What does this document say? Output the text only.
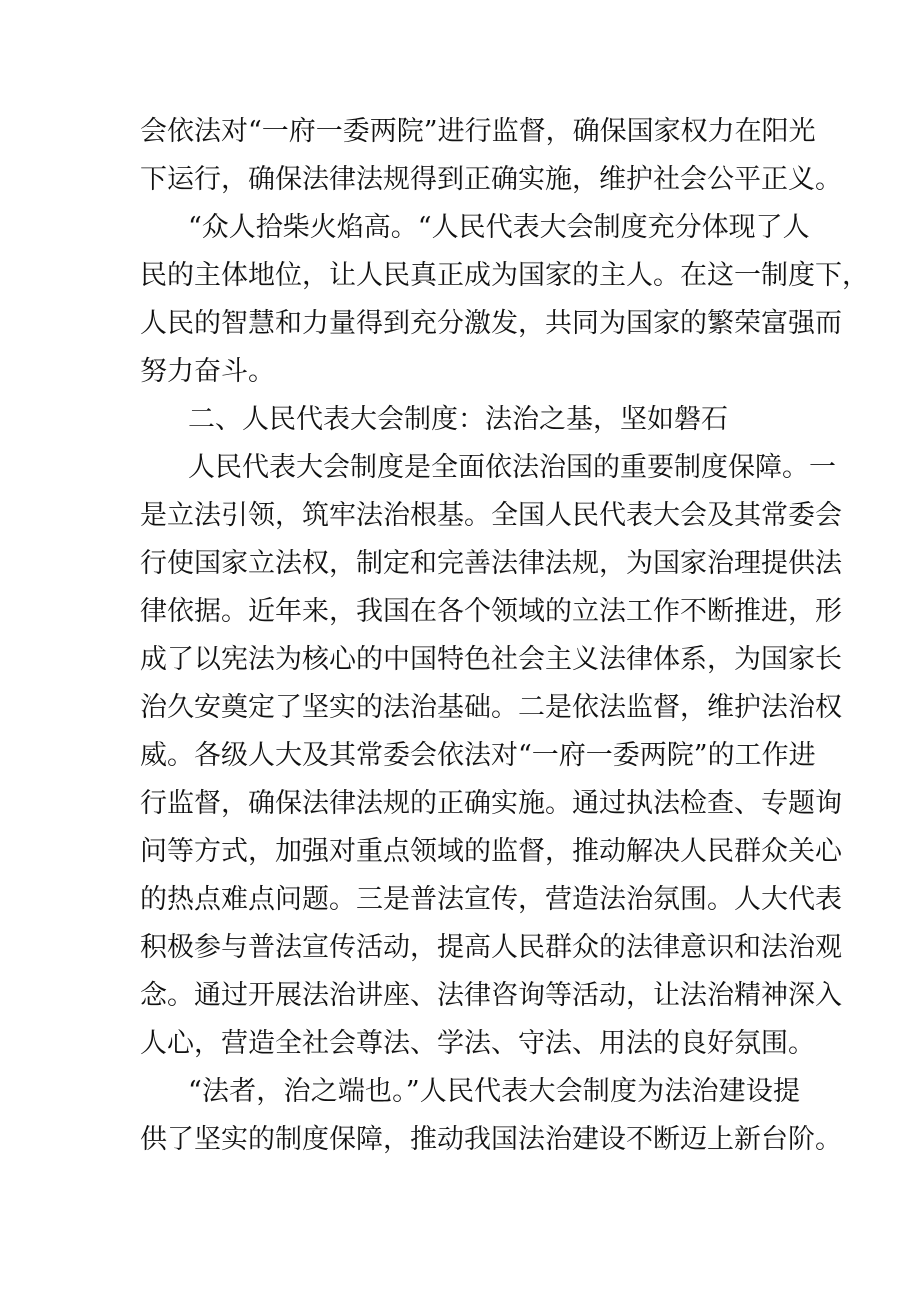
会依法对“一府一委两院”进行监督，确保国家权力在阳光
下运行，确保法律法规得到正确实施，维护社会公平正义。
“众人拾柴火焰高。“人民代表大会制度充分体现了人
民的主体地位，让人民真正成为国家的主人。在这一制度下，
人民的智慧和力量得到充分激发，共同为国家的繁荣富强而
努力奋斗。
二、人民代表大会制度：法治之基，坚如磐石
人民代表大会制度是全面依法治国的重要制度保障。一
是立法引领，筑牢法治根基。全国人民代表大会及其常委会
行使国家立法权，制定和完善法律法规，为国家治理提供法
律依据。近年来，我国在各个领域的立法工作不断推进，形
成了以宪法为核心的中国特色社会主义法律体系，为国家长
治久安奠定了坚实的法治基础。二是依法监督，维护法治权
威。各级人大及其常委会依法对“一府一委两院”的工作进
行监督，确保法律法规的正确实施。通过执法检查、专题询
问等方式，加强对重点领域的监督，推动解决人民群众关心
的热点难点问题。三是普法宣传，营造法治氛围。人大代表
积极参与普法宣传活动，提高人民群众的法律意识和法治观
念。通过开展法治讲座、法律咨询等活动，让法治精神深入
人心，营造全社会尊法、学法、守法、用法的良好氛围。
“法者，治之端也。”人民代表大会制度为法治建设提
供了坚实的制度保障，推动我国法治建设不断迈上新台阶。
